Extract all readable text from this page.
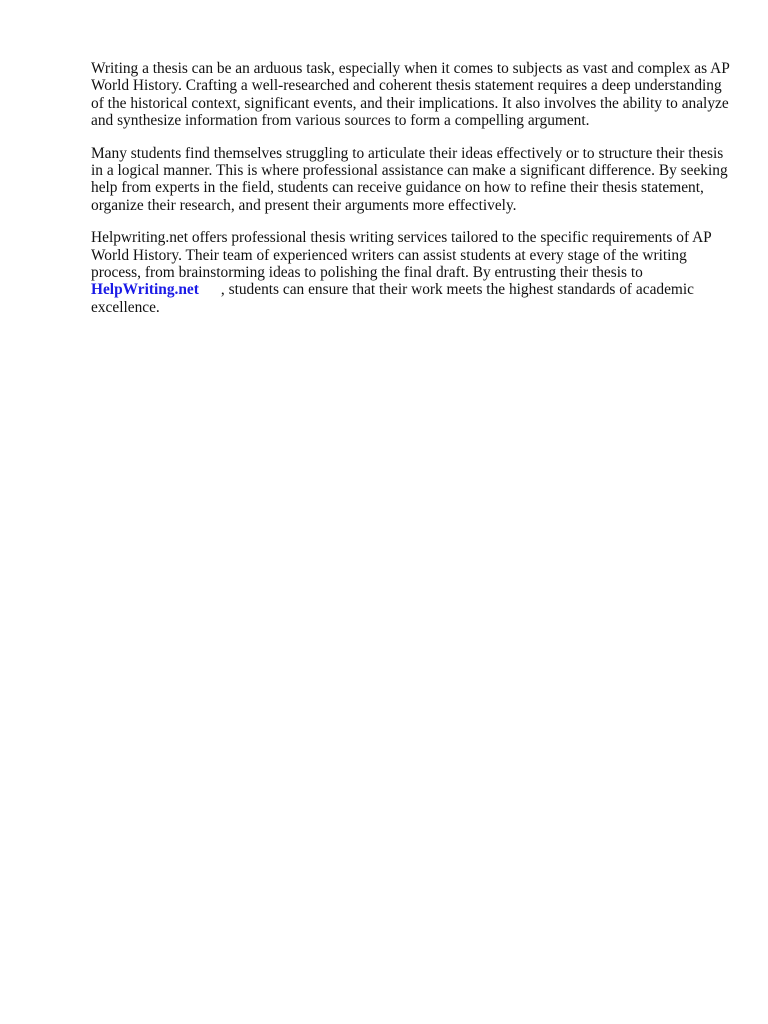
Writing a thesis can be an arduous task, especially when it comes to subjects as vast and complex as AP World History. Crafting a well-researched and coherent thesis statement requires a deep understanding of the historical context, significant events, and their implications. It also involves the ability to analyze and synthesize information from various sources to form a compelling argument.

Many students find themselves struggling to articulate their ideas effectively or to structure their thesis in a logical manner. This is where professional assistance can make a significant difference. By seeking help from experts in the field, students can receive guidance on how to refine their thesis statement, organize their research, and present their arguments more effectively.

Helpwriting.net offers professional thesis writing services tailored to the specific requirements of AP World History. Their team of experienced writers can assist students at every stage of the writing process, from brainstorming ideas to polishing the final draft. By entrusting their thesis to
HelpWriting.net , students can ensure that their work meets the highest standards of academic excellence.
